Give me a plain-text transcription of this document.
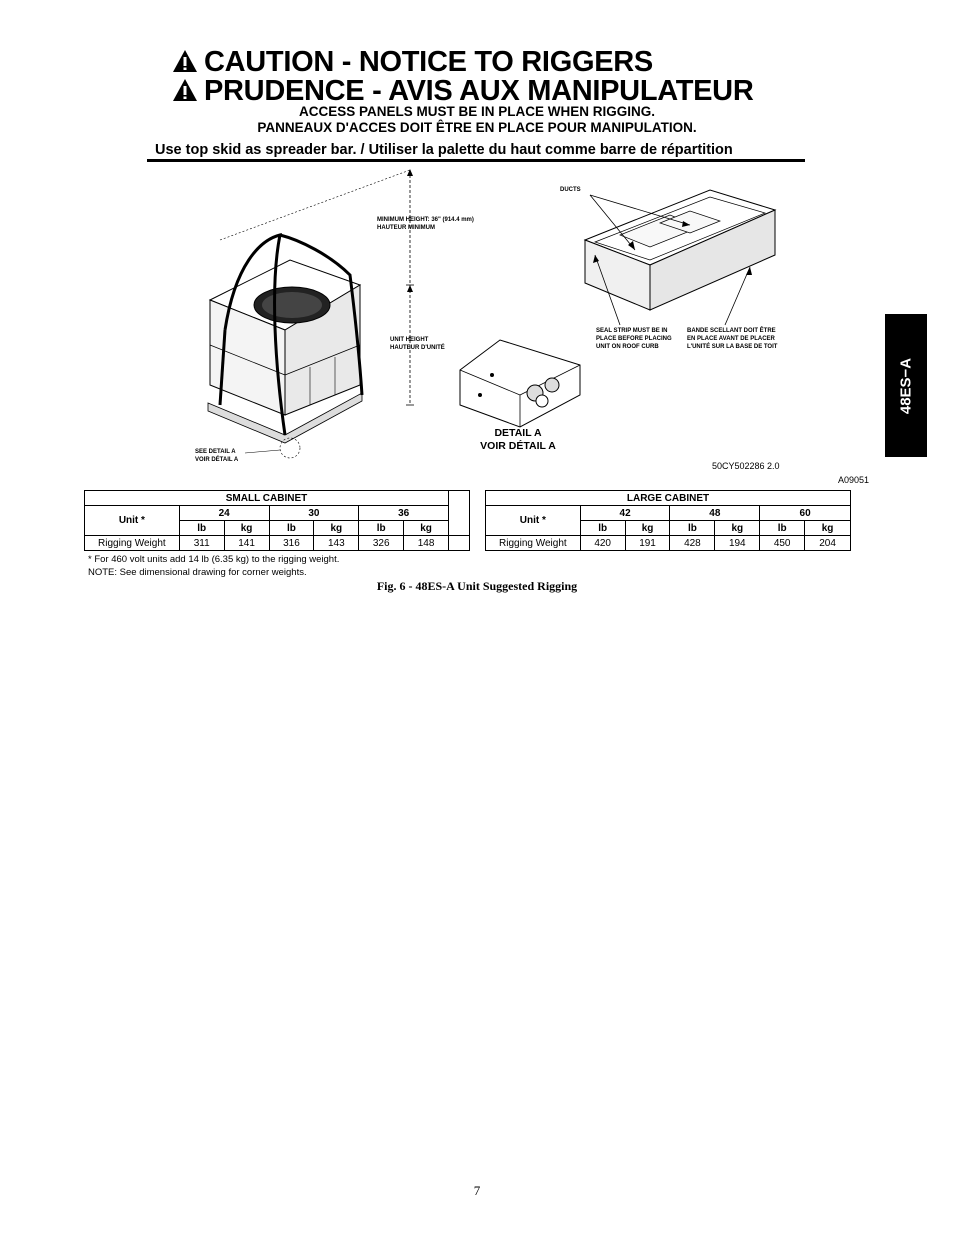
CAUTION - NOTICE TO RIGGERS
PRUDENCE - AVIS AUX MANIPULATEUR
ACCESS PANELS MUST BE IN PLACE WHEN RIGGING.
PANNEAUX D'ACCES DOIT ÊTRE EN PLACE POUR MANIPULATION.
Use top skid as spreader bar. / Utiliser la palette du haut comme barre de répartition
48ES−A
MINIMUM HEIGHT: 36" (914.4 mm)
HAUTEUR MINIMUM
UNIT HEIGHT
HAUTEUR D'UNITÉ
SEE DETAIL A
VOIR DÉTAIL A
DETAIL A
VOIR DÉTAIL A
DUCTS
SEAL STRIP MUST BE IN
PLACE BEFORE PLACING
UNIT ON ROOF CURB
BANDE SCELLANT DOIT ÊTRE
EN PLACE AVANT DE PLACER
L'UNITÉ SUR LA BASE DE TOIT
50CY502286 2.0
A09051
SMALL CABINET							
Unit *	24		30		36		
	lb	kg	lb	kg	lb	kg	
Rigging Weight	311	141	316	143	326	148	
LARGE CABINET						
Unit *	42		48		60	
	lb	kg	lb	kg	lb	kg
Rigging Weight	420	191	428	194	450	204
* For 460 volt units add 14 lb (6.35 kg) to the rigging weight.
NOTE: See dimensional drawing for corner weights.
Fig. 6 - 48ES-A Unit Suggested Rigging
7
